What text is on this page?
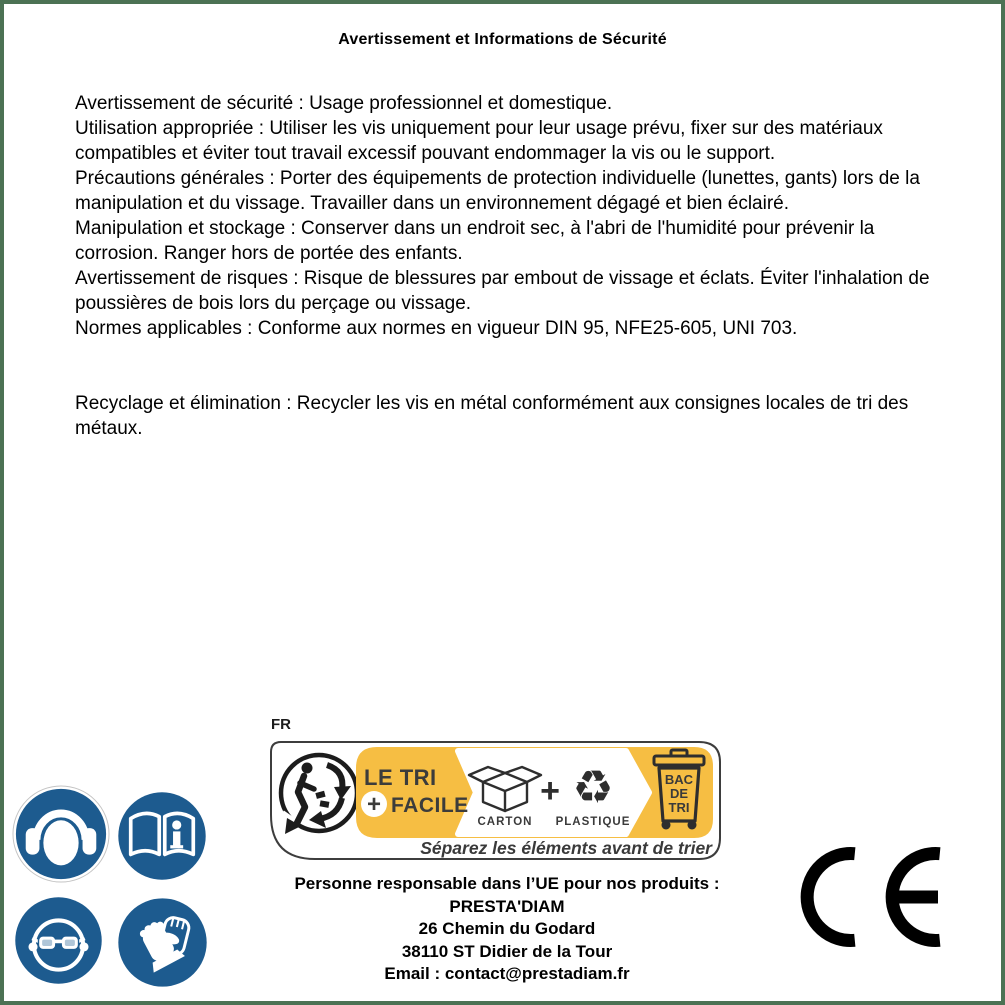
Avertissement et Informations de Sécurité

Avertissement de sécurité : Usage professionnel et domestique.

Utilisation appropriée : Utiliser les vis uniquement pour leur usage prévu, fixer sur des matériaux compatibles et éviter tout travail excessif pouvant endommager la vis ou le support.

Précautions générales : Porter des équipements de protection individuelle (lunettes, gants) lors de la manipulation et du vissage. Travailler dans un environnement dégagé et bien éclairé.

Manipulation et stockage : Conserver dans un endroit sec, à l'abri de l'humidité pour prévenir la corrosion. Ranger hors de portée des enfants.

Avertissement de risques : Risque de blessures par embout de vissage et éclats. Éviter l'inhalation de poussières de bois lors du perçage ou vissage.

Normes applicables : Conforme aux normes en vigueur DIN 95, NFE25-605, UNI 703.

Recyclage et élimination : Recycler les vis en métal conformément aux consignes locales de tri des métaux.

FR
LE TRI
+ FACILE
CARTON
+ ♻
PLASTIQUE
BAC
DE
TRI
Séparez les éléments avant de trier
Personne responsable dans l’UE pour nos produits :
PRESTA'DIAM
26 Chemin du Godard
38110 ST Didier de la Tour
Email : contact@prestadiam.fr
